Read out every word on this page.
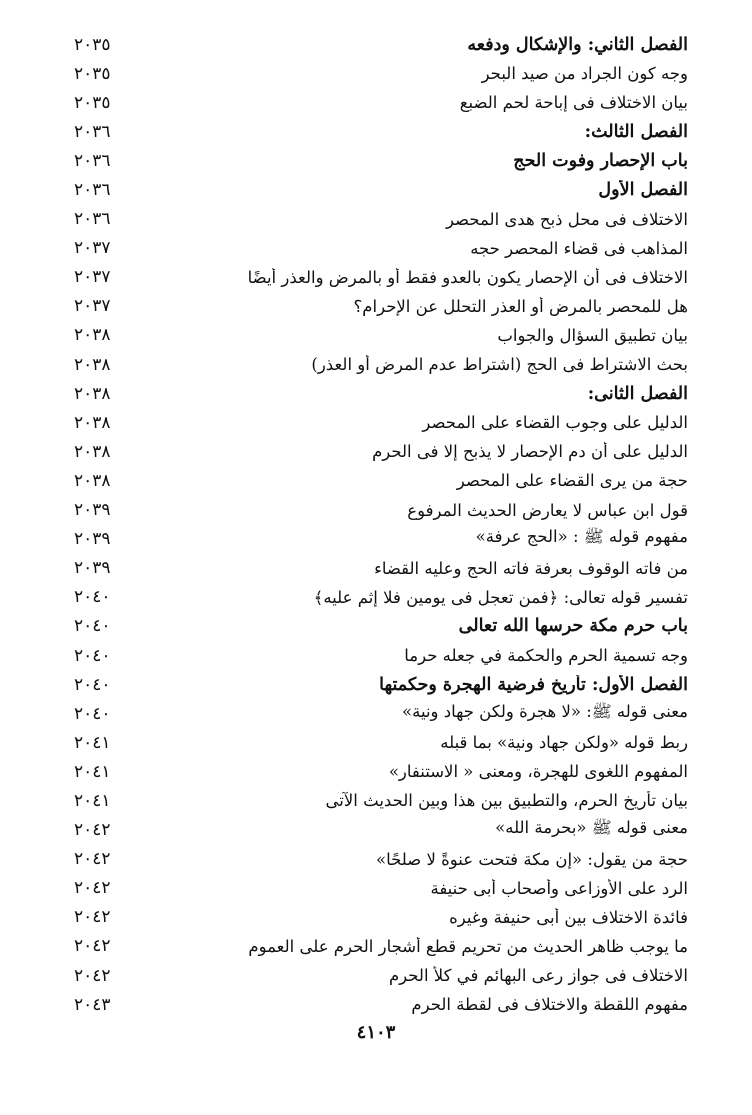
٢٠٣٥	الفصل الثاني: والإشكال ودفعه
٢٠٣٥	وجه كون الجراد من صيد البحر
٢٠٣٥	بيان الاختلاف فى إباحة لحم الضبع
٢٠٣٦	الفصل الثالث:
٢٠٣٦	باب الإحصار وفوت الحج
٢٠٣٦	الفصل الأول
٢٠٣٦	الاختلاف فى محل ذبح هدى المحصر
٢٠٣٧	المذاهب فى قضاء المحصر حجه
٢٠٣٧	الاختلاف فى أن الإحصار يكون بالعدو فقط أو بالمرض والعذر أيضًا
٢٠٣٧	هل للمحصر بالمرض أو العذر التحلل عن الإحرام؟
٢٠٣٨	بيان تطبيق السؤال والجواب
٢٠٣٨	بحث الاشتراط فى الحج (اشتراط عدم المرض أو العذر)
٢٠٣٨	الفصل الثانى:
٢٠٣٨	الدليل على وجوب القضاء على المحصر
٢٠٣٨	الدليل على أن دم الإحصار لا يذبح إلا فى الحرم
٢٠٣٨	حجة من يرى القضاء على المحصر
٢٠٣٩	قول ابن عباس لا يعارض الحديث المرفوع
٢٠٣٩	مفهوم قوله ﷺ : «الحج عرفة»
٢٠٣٩	من فاته الوقوف بعرفة فاته الحج وعليه القضاء
٢٠٤٠	تفسير قوله تعالى: ﴿فمن تعجل فى يومين فلا إثم عليه﴾
٢٠٤٠	باب حرم مكة حرسها الله تعالى
٢٠٤٠	وجه تسمية الحرم والحكمة في جعله حرما
٢٠٤٠	الفصل الأول: تأريخ فرضية الهجرة وحكمتها
٢٠٤٠	معنى قوله ﷺ: «لا هجرة ولكن جهاد ونية»
٢٠٤١	ربط قوله «ولكن جهاد ونية» بما قبله
٢٠٤١	المفهوم اللغوى للهجرة، ومعنى « الاستنفار»
٢٠٤١	بيان تأريخ الحرم، والتطبيق بين هذا وبين الحديث الآتى
٢٠٤٢	معنى قوله ﷺ «بحرمة الله»
٢٠٤٢	حجة من يقول: «إن مكة فتحت عنوةً لا صلحًا»
٢٠٤٢	الرد على الأوزاعى وأصحاب أبى حنيفة
٢٠٤٢	فائدة الاختلاف بين أبى حنيفة وغيره
٢٠٤٢	ما يوجب ظاهر الحديث من تحريم قطع أشجار الحرم على العموم
٢٠٤٢	الاختلاف فى جواز رعى البهائم في كلأ الحرم
٢٠٤٣	مفهوم اللقطة والاختلاف فى لقطة الحرم
٤١٠٣
